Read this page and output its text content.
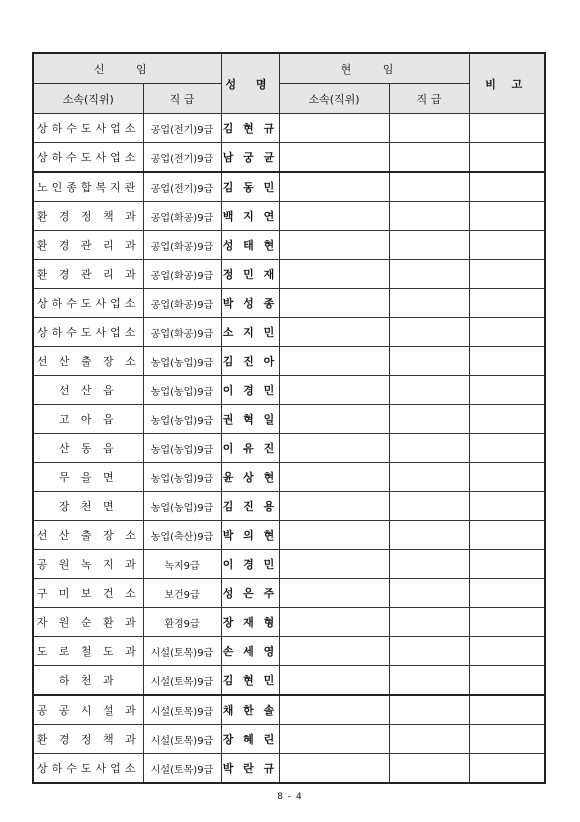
신 임		성 명	현 임		비 고
소속(직위)	직 급		소속(직위)	직 급	
상하수도사업소	공업(전기)9급	김 현 규			
상하수도사업소	공업(전기)9급	남 궁 균			
노인종합복지관	공업(전기)9급	김 동 민			
환 경 정 책 과	공업(화공)9급	백 지 연			
환 경 관 리 과	공업(화공)9급	성 태 현			
환 경 관 리 과	공업(화공)9급	정 민 재			
상하수도사업소	공업(화공)9급	박 성 종			
상하수도사업소	공업(화공)9급	소 지 민			
선 산 출 장 소	농업(농업)9급	김 진 아			
선 산 읍	농업(농업)9급	이 경 민			
고 아 읍	농업(농업)9급	권 혁 일			
산 동 읍	농업(농업)9급	이 유 진			
무 을 면	농업(농업)9급	윤 상 현			
장 천 면	농업(농업)9급	김 진 용			
선 산 출 장 소	농업(축산)9급	박 의 현			
공 원 녹 지 과	녹지9급	이 경 민			
구 미 보 건 소	보건9급	성 은 주			
자 원 순 환 과	환경9급	장 재 형			
도 로 철 도 과	시설(토목)9급	손 세 영			
하 천 과	시설(토목)9급	김 현 민			
공 공 시 설 과	시설(토목)9급	채 한 솔			
환 경 정 책 과	시설(토목)9급	장 혜 린			
상하수도사업소	시설(토목)9급	박 란 규			
8 - 4
